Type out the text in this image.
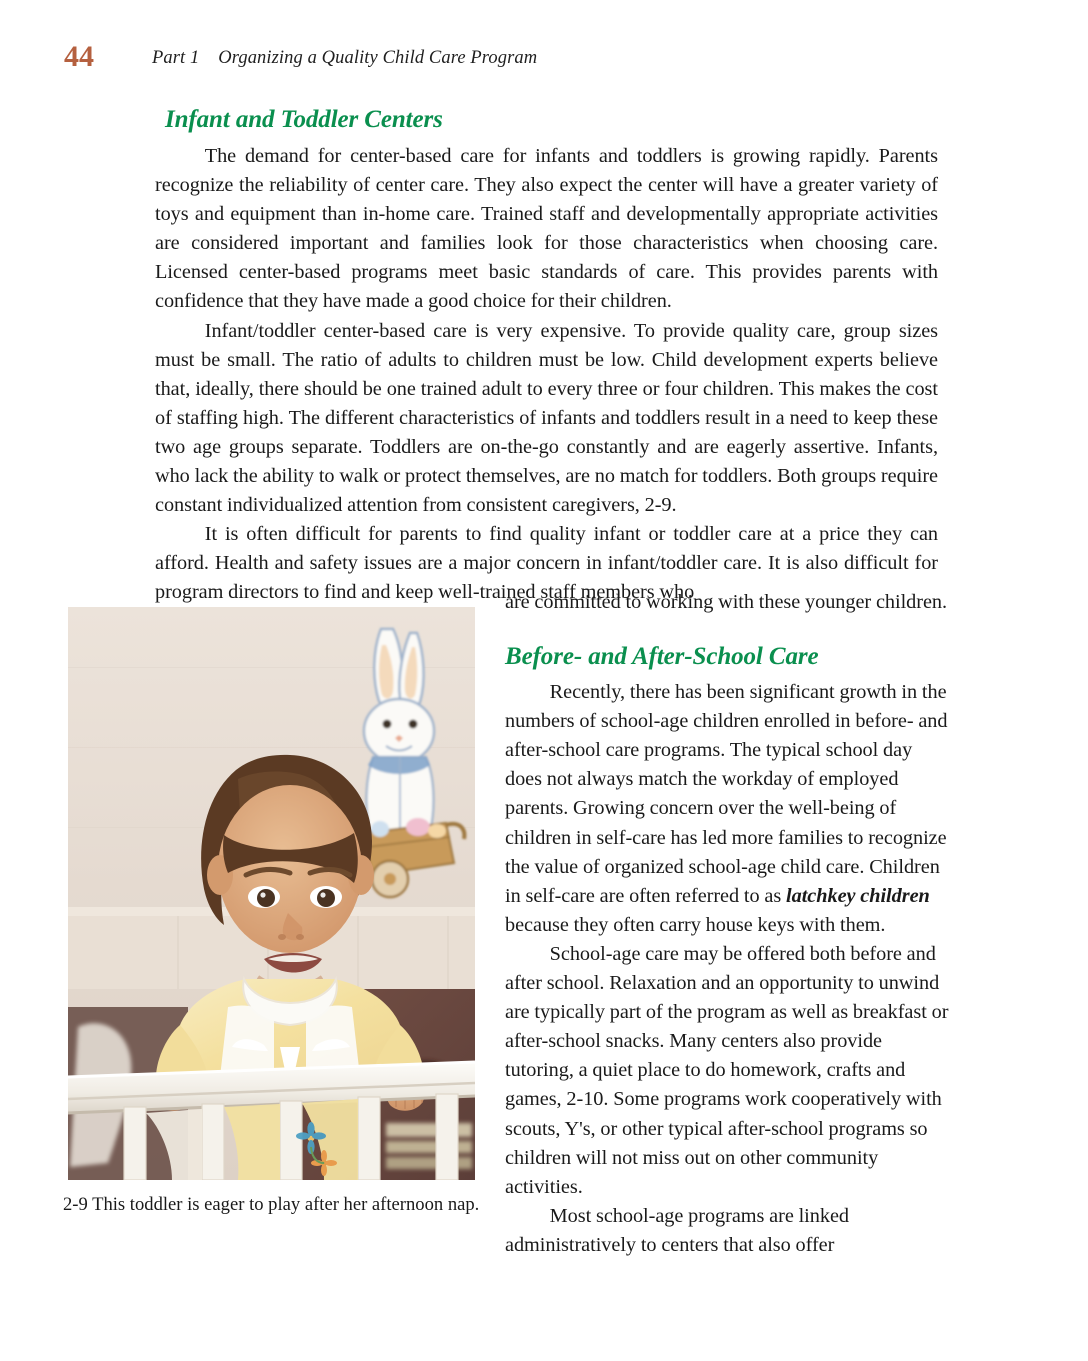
44	Part 1    Organizing a Quality Child Care Program
Infant and Toddler Centers

The demand for center-based care for infants and toddlers is growing rapidly. Parents recognize the reliability of center care. They also expect the center will have a greater variety of toys and equipment than in-home care. Trained staff and developmentally appropriate activities are considered important and families look for those characteristics when choosing care. Licensed center-based programs meet basic standards of care. This provides parents with confidence that they have made a good choice for their children.

Infant/toddler center-based care is very expensive. To provide quality care, group sizes must be small. The ratio of adults to children must be low. Child development experts believe that, ideally, there should be one trained adult to every three or four children. This makes the cost of staffing high. The different characteristics of infants and toddlers result in a need to keep these two age groups separate. Toddlers are on-the-go constantly and are eagerly assertive. Infants, who lack the ability to walk or protect themselves, are no match for toddlers. Both groups require constant individualized attention from consistent caregivers, 2-9.

It is often difficult for parents to find quality infant or toddler care at a price they can afford. Health and safety issues are a major concern in infant/toddler care. It is also difficult for program directors to find and keep well-trained staff members who

2-9 This toddler is eager to play after her afternoon nap.

are committed to working with these younger children.

Before- and After-School Care

Recently, there has been significant growth in the numbers of school-age children enrolled in before- and after-school care programs. The typical school day does not always match the workday of employed parents. Growing concern over the well-being of children in self-care has led more families to recognize the value of organized school-age child care. Children in self-care are often referred to as latchkey children because they often carry house keys with them.

School-age care may be offered both before and after school. Relaxation and an opportunity to unwind are typically part of the program as well as breakfast or after-school snacks. Many centers also provide tutoring, a quiet place to do homework, crafts and games, 2-10. Some programs work cooperatively with scouts, Y's, or other typical after-school programs so children will not miss out on other community activities.

Most school-age programs are linked administratively to centers that also offer
